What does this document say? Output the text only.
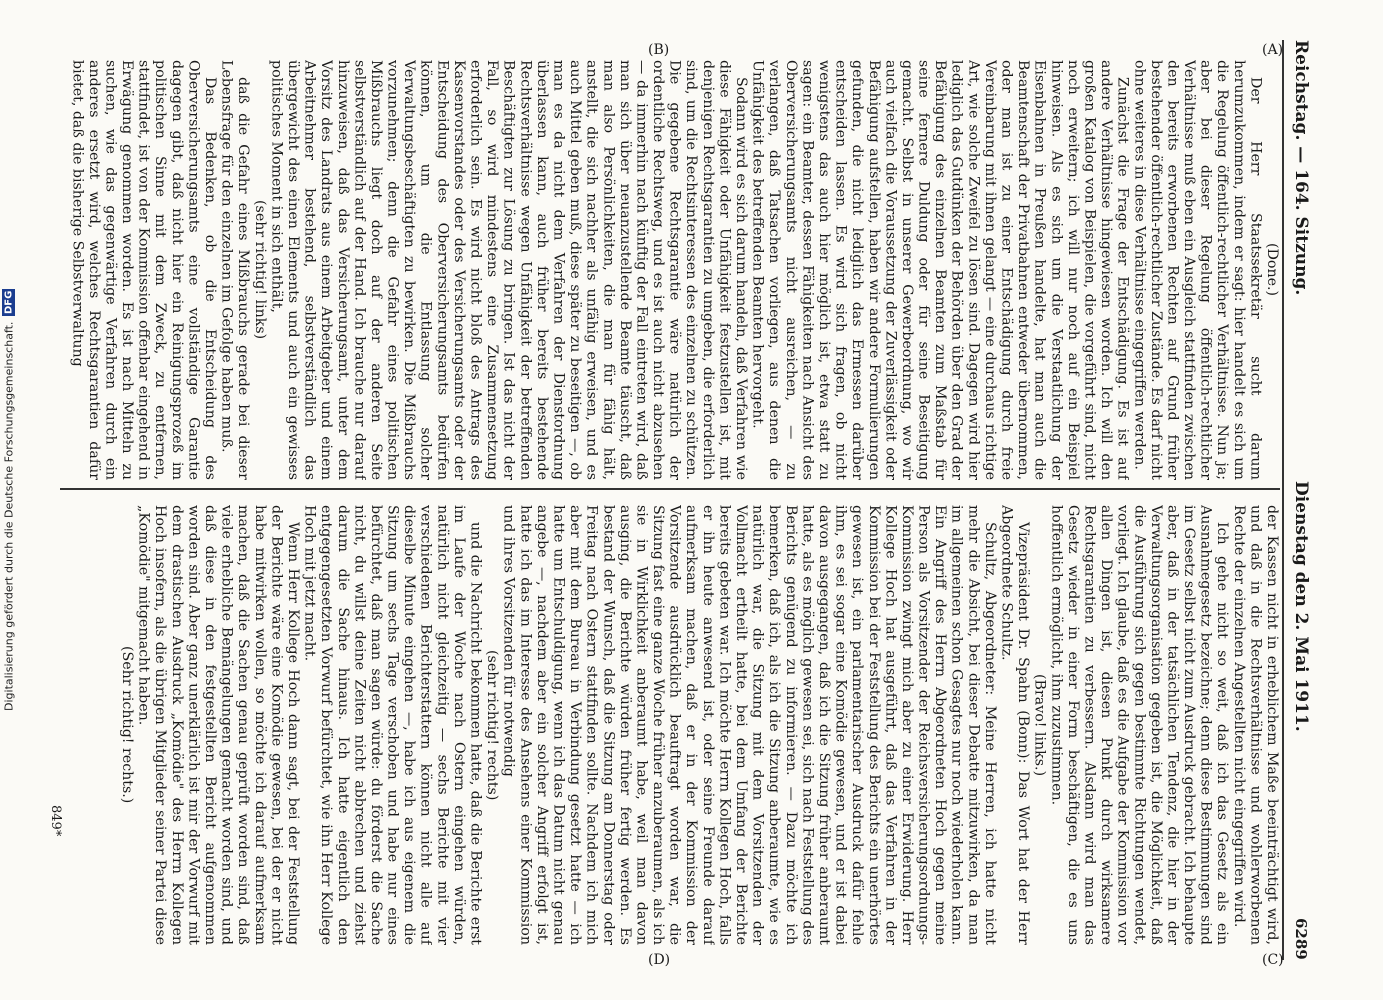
Reichstag. — 164. Sitzung.
Dienstag den 2. Mai 1911.
6289
(A)
(B)
(C)
(D)

(Done.)

Der Herr Staatssekretär sucht darum herumzukommen, indem er sagt: hier handelt es sich um die Regelung öffentlich-rechtlicher Verhältnisse. Nun ja; aber bei dieser Regelung öffentlich-rechtlicher Verhältnisse muß eben ein Ausgleich stattfinden zwischen den bereits erworbenen Rechten auf Grund früher bestehender öffentlich-rechtlicher Zustände. Es darf nicht ohne weiteres in diese Verhältnisse eingegriffen werden.

Zunächst die Frage der Entschädigung. Es ist auf andere Verhältnisse hingewiesen worden. Ich will den großen Katalog von Beispielen, die vorgeführt sind, nicht noch erweitern; ich will nur noch auf ein Beispiel hinweisen. Als es sich um die Verstaatlichung der Eisenbahnen in Preußen handelte, hat man auch die Beamtenschaft der Privatbahnen entweder übernommen, oder man ist zu einer Entschädigung durch freie Vereinbarung mit ihnen gelangt — eine durchaus richtige Art, wie solche Zweifel zu lösen sind. Dagegen wird hier lediglich das Gutdünken der Behörden über den Grad der Befähigung des einzelnen Beamten zum Maßstab für seine fernere Duldung oder für seine Beseitigung gemacht. Selbst in unserer Gewerbeordnung, wo wir auch vielfach die Voraussetzung der Zuverlässigkeit oder Befähigung aufstellen, haben wir andere Formulierungen gefunden, die nicht lediglich das Ermessen darüber entscheiden lassen. Es wird sich fragen, ob nicht wenigstens das auch hier möglich ist, etwa statt zu sagen: ein Beamter, dessen Fähigkeiten nach Ansicht des Oberversicherungsamts nicht ausreichen, — zu verlangen, daß Tatsachen vorliegen, aus denen die Unfähigkeit des betreffenden Beamten hervorgeht.

Sodann wird es sich darum handeln, daß Verfahren wie diese Fähigkeit oder Unfähigkeit festzustellen ist, mit denjenigen Rechtsgarantien zu umgeben, die erforderlich sind, um die Rechtsinteressen des einzelnen zu schützen. Die gegebene Rechtsgarantie wäre natürlich der ordentliche Rechtsweg, und es ist auch nicht abzusehen — da immerhin nach künftig der Fall eintreten wird, daß man sich über neuanzustellende Beamte täuscht, daß man also Persönlichkeiten, die man für fähig hält, anstellt, die sich nachher als unfähig erweisen, und es auch Mittel geben muß, diese später zu beseitigen —, ob man es da nicht dem Verfahren der Dienstordnung überlassen kann, auch früher bereits bestehende Rechtsverhältnisse wegen Unfähigkeit der betreffenden Beschäftigten zur Lösung zu bringen. Ist das nicht der Fall, so wird mindestens eine Zusammensetzung erforderlich sein. Es wird nicht bloß des Antrags des Kassenvorstandes oder des Versicherungsamts oder der Entscheidung des Oberversicherungsamts bedürfen können, um die Entlassung solcher Verwaltungsbeschäftigten zu bewirken. Die Mißbrauchs vorzunehmen; denn die Gefahr eines politischen Mißbrauchs liegt doch auf der anderen Seite selbstverständlich auf der Hand. Ich brauche nur darauf hinzuweisen, daß das Versicherungsamt, unter dem Vorsitz des Landrats aus einem Arbeitgeber und einem Arbeitnehmer bestehend, selbstverständlich das übergewicht des einen Elements und auch ein gewisses politisches Moment in sich enthält,

(sehr richtig! links)

daß die Gefahr eines Mißbrauchs gerade bei dieser Lebensfrage für den einzelnen im Gefolge haben muß.

Das Bedenken, ob die Entscheidung des Oberversicherungsamts eine vollständige Garantie dagegen gibt, daß nicht hier ein Reinigungsprozeß im politischen Sinne mit dem Zweck, zu entfernen, stattfindet, ist von der Kommission offenbar eingehend in Erwägung genommen worden. Es ist nach Mitteln zu suchen, wie das gegenwärtige Verfahren durch ein anderes ersetzt wird, welches Rechtsgarantien dafür bietet, daß die bisherige Selbstverwaltung

der Kassen nicht in erheblichem Maße beeinträchtigt wird, und daß in die Rechtsverhältnisse und wohlerworbenen Rechte der einzelnen Angestellten nicht eingegriffen wird.

Ich gehe nicht so weit, daß ich das Gesetz als ein Ausnahmegesetz bezeichne; denn diese Bestimmungen sind im Gesetz selbst nicht zum Ausdruck gebracht. Ich behaupte aber, daß in der tatsächlichen Tendenz, die hier in der Verwaltungsorganisation gegeben ist, die Möglichkeit, daß die Ausführung sich gegen bestimmte Richtungen wendet, vorliegt. Ich glaube, daß es die Aufgabe der Kommission vor allen Dingen ist, diesen Punkt durch wirksamere Rechtsgarantien zu verbessern. Alsdann wird man das Gesetz wieder in einer Form beschäftigen, die es uns hoffentlich ermöglicht, ihm zuzustimmen.

(Bravo! links.)

Vizepräsident Dr. Spahn (Bonn): Das Wort hat der Herr Abgeordnete Schultz.

Schultz, Abgeordneter: Meine Herren, ich hatte nicht mehr die Absicht, bei dieser Debatte mitzuwirken, da man im allgemeinen schon Gesagtes nur noch wiederholen kann. Ein Angriff des Herrn Abgeordneten Hoch gegen meine Person als Vorsitzender der Reichsversicherungsordnungs-Kommission zwingt mich aber zu einer Erwiderung. Herr Kollege Hoch hat ausgeführt, daß das Verfahren in der Kommission bei der Feststellung des Berichts ein unerhörtes gewesen ist, ein parlamentarischer Ausdruck dafür fehle ihm, es sei sogar eine Komödie gewesen, und er ist dabei davon ausgegangen, daß ich die Sitzung früher anberaumt hatte, als es möglich gewesen sei, sich nach Feststellung des Berichts genügend zu informieren. — Dazu möchte ich bemerken, daß ich, als ich die Sitzung anberaumte, wie es natürlich war, die Sitzung mit dem Vorsitzenden der Vollmacht ertheilt hatte, bei dem Umfang der Berichte bereits gebeten war. Ich möchte Herrn Kollegen Hoch, falls er ihn heute anwesend ist, oder seine Freunde darauf aufmerksam machen, daß er in der Kommission der Vorsitzende ausdrücklich beauftragt worden war, die Sitzung fast eine ganze Woche früher anzuberaumen, als ich sie in Wirklichkeit anberaumt habe, weil man davon ausging, die Berichte würden früher fertig werden. Es bestand der Wunsch, daß die Sitzung am Donnerstag oder Freitag nach Ostern stattfinden sollte. Nachdem ich mich aber mit dem Bureau in Verbindung gesetzt hatte — ich hatte um Entschuldigung, wenn ich das Datum nicht genau angebe —, nachdem aber ein solcher Angriff erfolgt ist, hatte ich das im Interesse des Ansehens einer Kommission und ihres Vorsitzenden für notwendig

(sehr richtig! rechts)

und die Nachricht bekommen hatte, daß die Berichte erst im Laufe der Woche nach Ostern eingehen würden, natürlich nicht gleichzeitig — sechs Berichte mit vier verschiedenen Berichterstattern können nicht alle auf dieselbe Minute eingehen —, habe ich aus eigenem die Sitzung um sechs Tage verschoben und habe nur eines befürchtet, daß man sagen würde: du förderst die Sache nicht, du willst deine Zeiten nicht abbrechen und ziehst darum die Sache hinaus. Ich hatte eigentlich den entgegengesetzten Vorwurf befürchtet, wie ihn Herr Kollege Hoch mit jetzt macht.

Wenn Herr Kollege Hoch dann sagt, bei der Feststellung der Berichte wäre eine Komödie gewesen, bei der er nicht habe mitwirken wollen, so möchte ich darauf aufmerksam machen, daß die Sachen genau geprüft worden sind, daß viele erhebliche Bemängelungen gemacht worden sind, und daß diese in den festgestellten Bericht aufgenommen worden sind. Aber ganz unerklärlich ist mir der Vorwurf mit dem drastischen Ausdruck „Komödie" des Herrn Kollegen Hoch insofern, als die übrigen Mitglieder seiner Partei diese „Komödie" mitgemacht haben.

(Sehr richtig! rechts.)

849*
Digitalisierung gefördert durch die Deutsche Forschungsgemeinschaft.
DFG
